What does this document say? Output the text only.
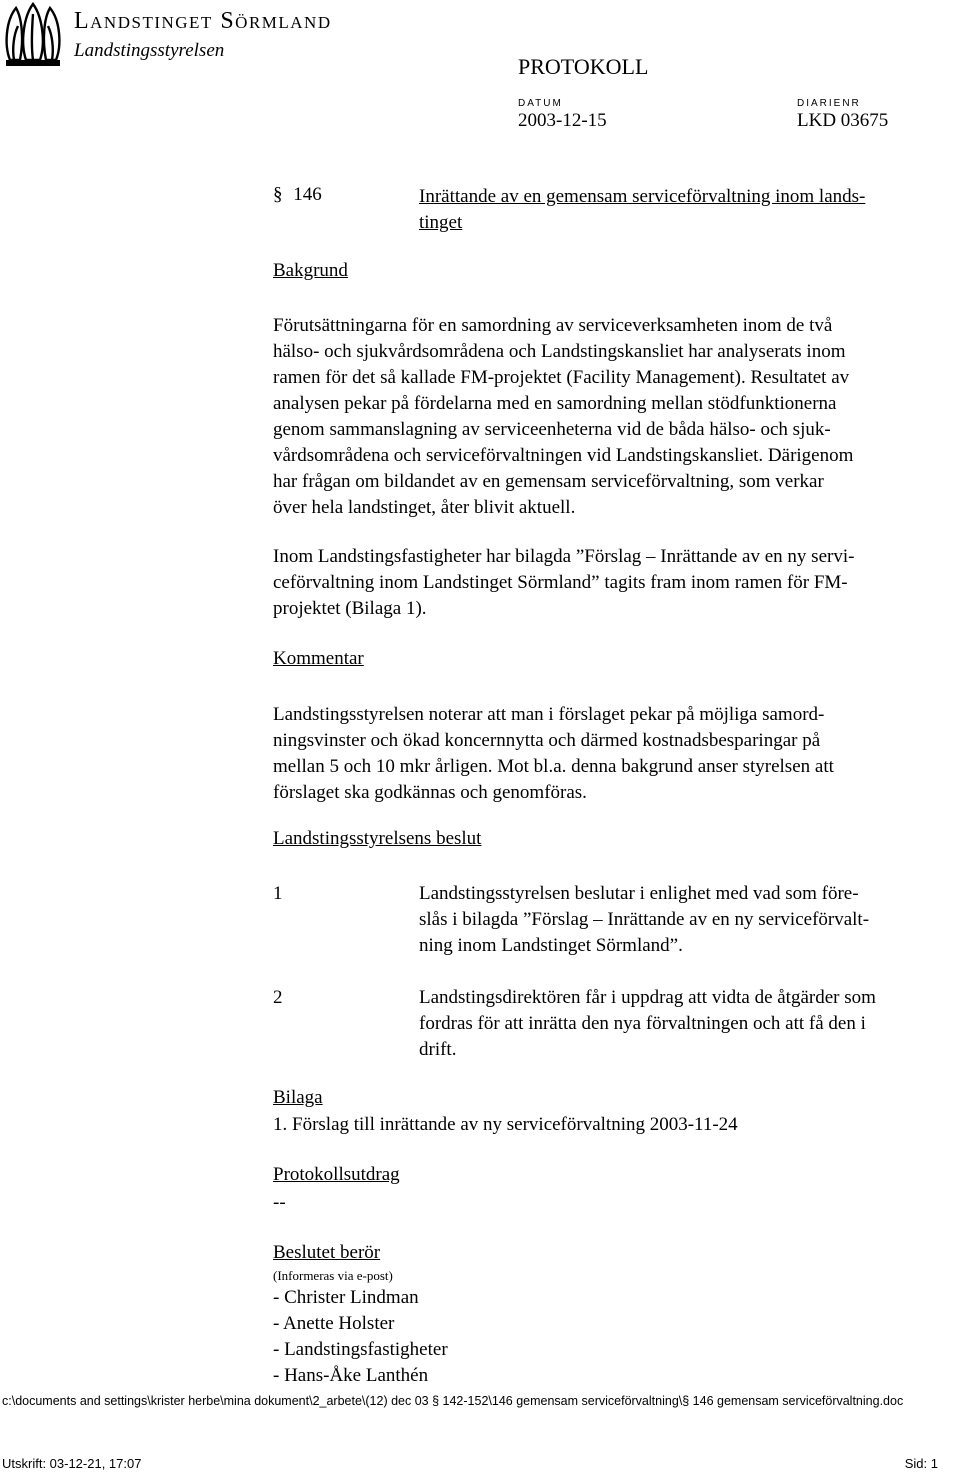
Landstinget Sörmland
Landstingsstyrelsen
PROTOKOLL
DATUM
2003-12-15
DIARIENR
LKD 03675
§ 146	Inrättande av en gemensam serviceförvaltning inom lands-
tinget
Bakgrund
Förutsättningarna för en samordning av serviceverksamheten inom de två
hälso- och sjukvårdsområdena och Landstingskansliet har analyserats inom
ramen för det så kallade FM-projektet (Facility Management). Resultatet av
analysen pekar på fördelarna med en samordning mellan stödfunktionerna
genom sammanslagning av serviceenheterna vid de båda hälso- och sjuk-
vårdsområdena och serviceförvaltningen vid Landstingskansliet. Därigenom
har frågan om bildandet av en gemensam serviceförvaltning, som verkar
över hela landstinget, åter blivit aktuell.
Inom Landstingsfastigheter har bilagda ”Förslag – Inrättande av en ny servi-
ceförvaltning inom Landstinget Sörmland” tagits fram inom ramen för FM-
projektet (Bilaga 1).
Kommentar
Landstingsstyrelsen noterar att man i förslaget pekar på möjliga samord-
ningsvinster och ökad koncernnytta och därmed kostnadsbesparingar på
mellan 5 och 10 mkr årligen. Mot bl.a. denna bakgrund anser styrelsen att
förslaget ska godkännas och genomföras.
Landstingsstyrelsens beslut
1	Landstingsstyrelsen beslutar i enlighet med vad som före-
slås i bilagda ”Förslag – Inrättande av en ny serviceförvalt-
ning inom Landstinget Sörmland”.
2	Landstingsdirektören får i uppdrag att vidta de åtgärder som
fordras för att inrätta den nya förvaltningen och att få den i
drift.
Bilaga
1. Förslag till inrättande av ny serviceförvaltning 2003-11-24
Protokollsutdrag
--
Beslutet berör
(Informeras via e-post)
- Christer Lindman
- Anette Holster
- Landstingsfastigheter
- Hans-Åke Lanthén
c:\documents and settings\krister herbe\mina dokument\2_arbete\(12) dec 03 § 142-152\146 gemensam serviceförvaltning\§ 146 gemensam serviceförvaltning.doc
Utskrift: 03-12-21, 17:07	Sid: 1
